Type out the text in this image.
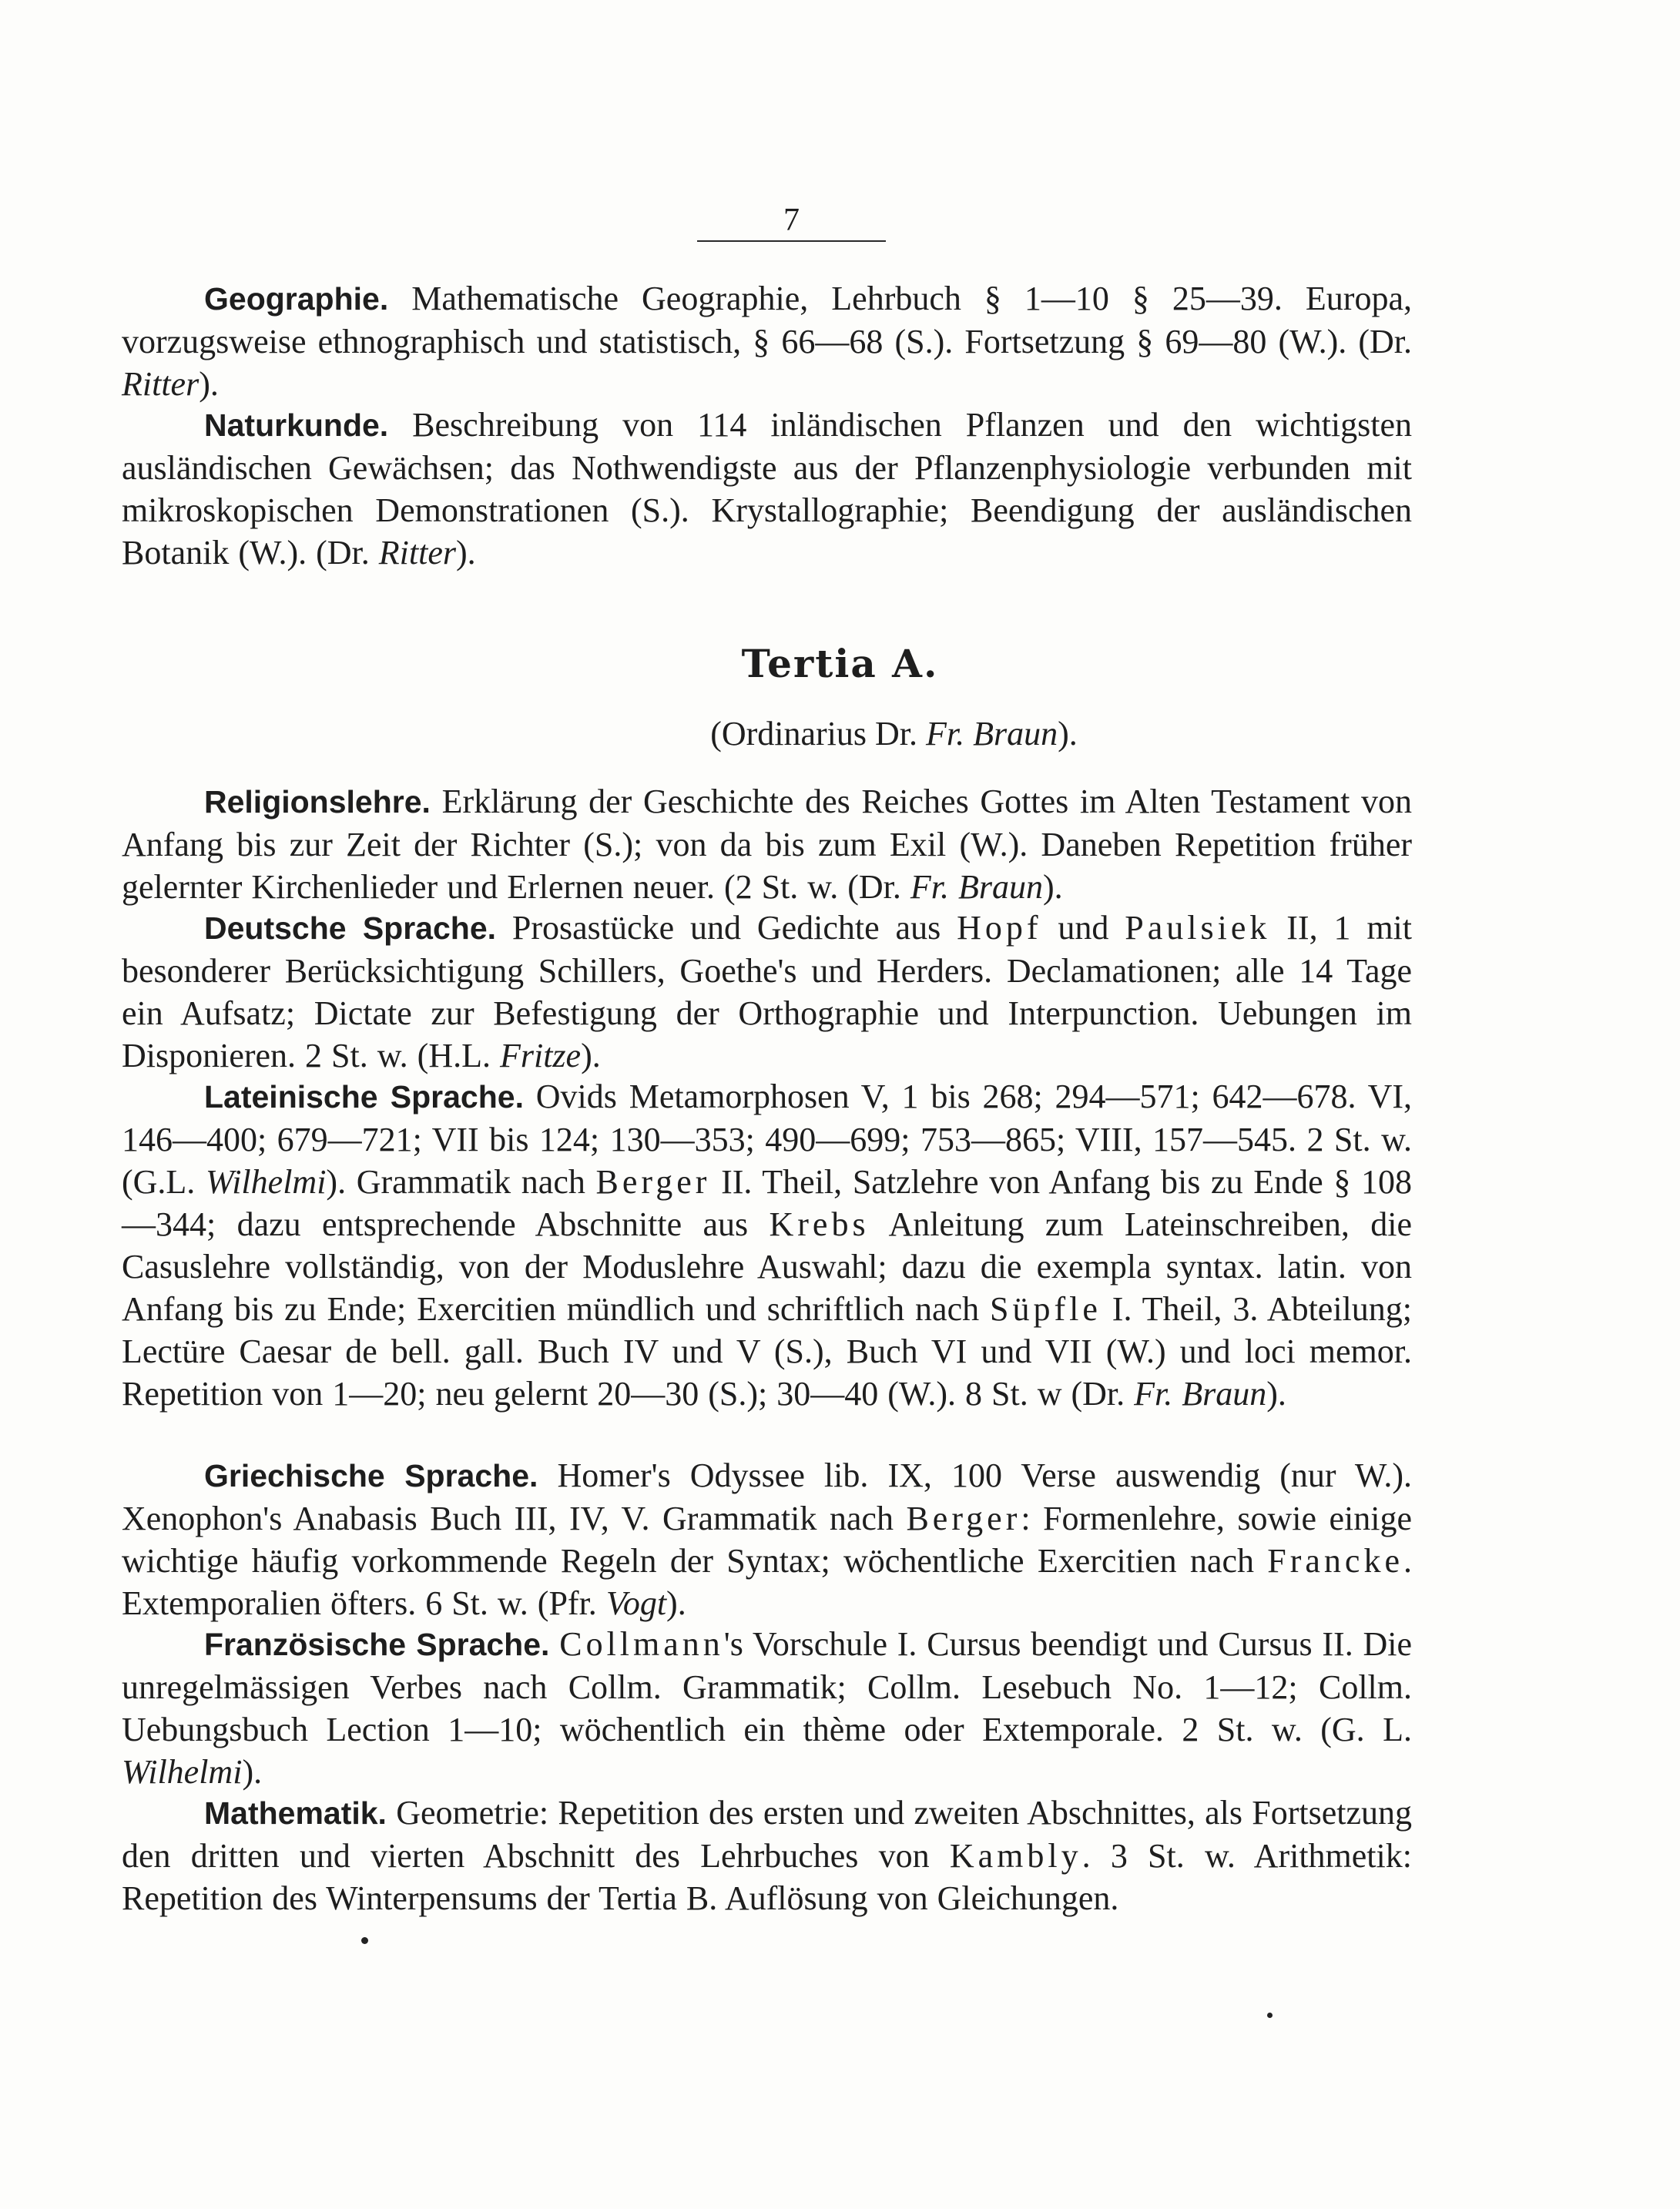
7
Geographie. Mathematische Geographie, Lehrbuch § 1—10 § 25—39. Europa, vorzugsweise ethnographisch und statistisch, § 66—68 (S.). Fortsetzung § 69—80 (W.). (Dr. Ritter).
Naturkunde. Beschreibung von 114 inländischen Pflanzen und den wichtigsten ausländischen Gewächsen; das Nothwendigste aus der Pflanzenphysiologie verbunden mit mikroskopischen Demonstrationen (S.). Krystallographie; Beendigung der ausländischen Botanik (W.). (Dr. Ritter).
Tertia A.
(Ordinarius Dr. Fr. Braun).
Religionslehre. Erklärung der Geschichte des Reiches Gottes im Alten Testament von Anfang bis zur Zeit der Richter (S.); von da bis zum Exil (W.). Daneben Repetition früher gelernter Kirchenlieder und Erlernen neuer. (2 St. w. (Dr. Fr. Braun).
Deutsche Sprache. Prosastücke und Gedichte aus Hopf und Paulsiek II, 1 mit besonderer Berücksichtigung Schillers, Goethe's und Herders. Declamationen; alle 14 Tage ein Aufsatz; Dictate zur Befestigung der Orthographie und Interpunction. Uebungen im Disponieren. 2 St. w. (H.L. Fritze).
Lateinische Sprache. Ovids Metamorphosen V, 1 bis 268; 294—571; 642—678. VI, 146—400; 679—721; VII bis 124; 130—353; 490—699; 753—865; VIII, 157—545. 2 St. w. (G.L. Wilhelmi). Grammatik nach Berger II. Theil, Satzlehre von Anfang bis zu Ende § 108—344; dazu entsprechende Abschnitte aus Krebs Anleitung zum Lateinschreiben, die Casuslehre vollständig, von der Moduslehre Auswahl; dazu die exempla syntax. latin. von Anfang bis zu Ende; Exercitien mündlich und schriftlich nach Süpfle I. Theil, 3. Abteilung; Lectüre Caesar de bell. gall. Buch IV und V (S.), Buch VI und VII (W.) und loci memor. Repetition von 1—20; neu gelernt 20—30 (S.); 30—40 (W.). 8 St. w (Dr. Fr. Braun).
Griechische Sprache. Homer's Odyssee lib. IX, 100 Verse auswendig (nur W.). Xenophon's Anabasis Buch III, IV, V. Grammatik nach Berger: Formenlehre, sowie einige wichtige häufig vorkommende Regeln der Syntax; wöchentliche Exercitien nach Francke. Extemporalien öfters. 6 St. w. (Pfr. Vogt).
Französische Sprache. Collmann's Vorschule I. Cursus beendigt und Cursus II. Die unregelmässigen Verbes nach Collm. Grammatik; Collm. Lesebuch No. 1—12; Collm. Uebungsbuch Lection 1—10; wöchentlich ein thème oder Extemporale. 2 St. w. (G. L. Wilhelmi).
Mathematik. Geometrie: Repetition des ersten und zweiten Abschnittes, als Fortsetzung den dritten und vierten Abschnitt des Lehrbuches von Kambly. 3 St. w. Arithmetik: Repetition des Winterpensums der Tertia B. Auflösung von Gleichungen.
